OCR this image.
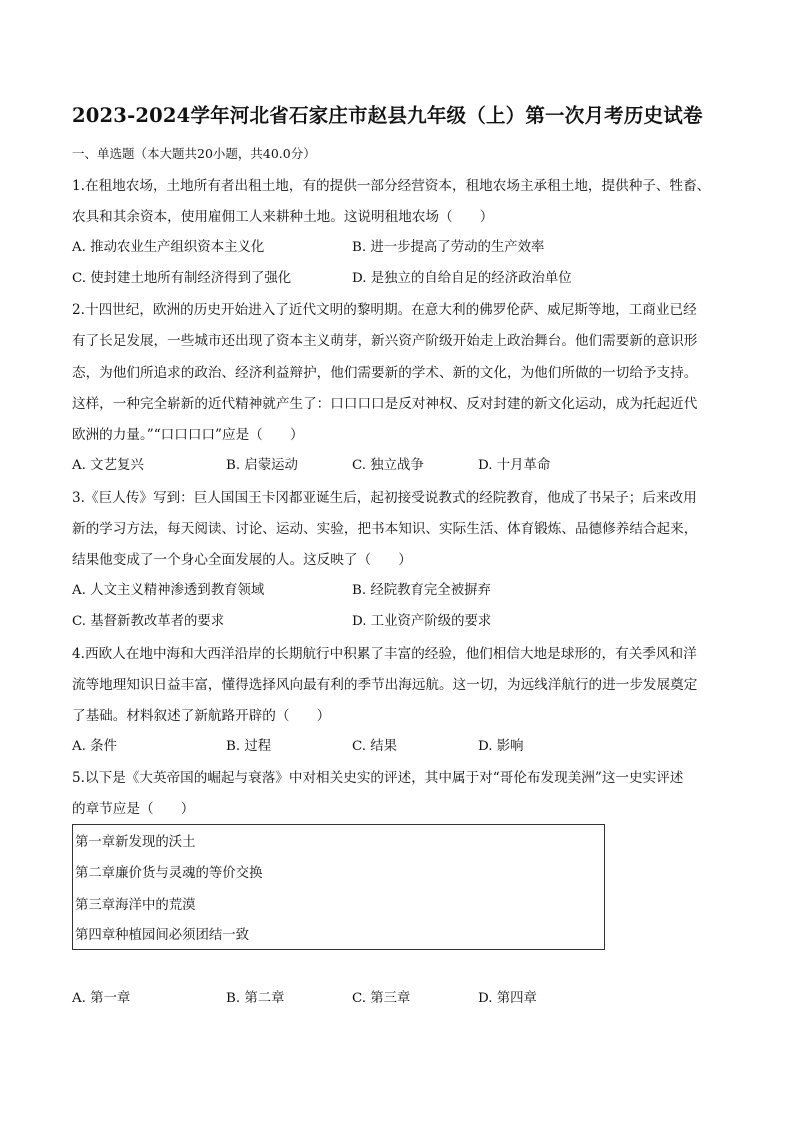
2023-2024学年河北省石家庄市赵县九年级（上）第一次月考历史试卷
一、单选题（本大题共20小题，共40.0分）
1.在租地农场，土地所有者出租土地，有的提供一部分经营资本，租地农场主承租土地，提供种子、牲畜、
农具和其余资本，使用雇佣工人来耕种土地。这说明租地农场（　　）
A. 推动农业生产组织资本主义化	B. 进一步提高了劳动的生产效率
C. 使封建土地所有制经济得到了强化	D. 是独立的自给自足的经济政治单位
2.十四世纪，欧洲的历史开始进入了近代文明的黎明期。在意大利的佛罗伦萨、威尼斯等地，工商业已经
有了长足发展，一些城市还出现了资本主义萌芽，新兴资产阶级开始走上政治舞台。他们需要新的意识形
态，为他们所追求的政治、经济利益辩护，他们需要新的学术、新的文化，为他们所做的一切给予支持。
这样，一种完全崭新的近代精神就产生了：口口口口是反对神权、反对封建的新文化运动，成为托起近代
欧洲的力量。”“口口口口”应是（　　）
A. 文艺复兴	B. 启蒙运动	C. 独立战争	D. 十月革命
3.《巨人传》写到：巨人国国王卡冈都亚诞生后，起初接受说教式的经院教育，他成了书呆子；后来改用
新的学习方法，每天阅读、讨论、运动、实验，把书本知识、实际生活、体育锻炼、品德修养结合起来，
结果他变成了一个身心全面发展的人。这反映了（　　）
A. 人文主义精神渗透到教育领域	B. 经院教育完全被摒弃
C. 基督新教改革者的要求	D. 工业资产阶级的要求
4.西欧人在地中海和大西洋沿岸的长期航行中积累了丰富的经验，他们相信大地是球形的，有关季风和洋
流等地理知识日益丰富，懂得选择风向最有利的季节出海远航。这一切，为远线洋航行的进一步发展奠定
了基础。材料叙述了新航路开辟的（　　）
A. 条件	B. 过程	C. 结果	D. 影响
5.以下是《大英帝国的崛起与衰落》中对相关史实的评述，其中属于对“哥伦布发现美洲”这一史实评述
的章节应是（　　）
第一章新发现的沃土
第二章廉价货与灵魂的等价交换
第三章海洋中的荒漠
第四章种植园间必须团结一致
A. 第一章	B. 第二章	C. 第三章	D. 第四章
